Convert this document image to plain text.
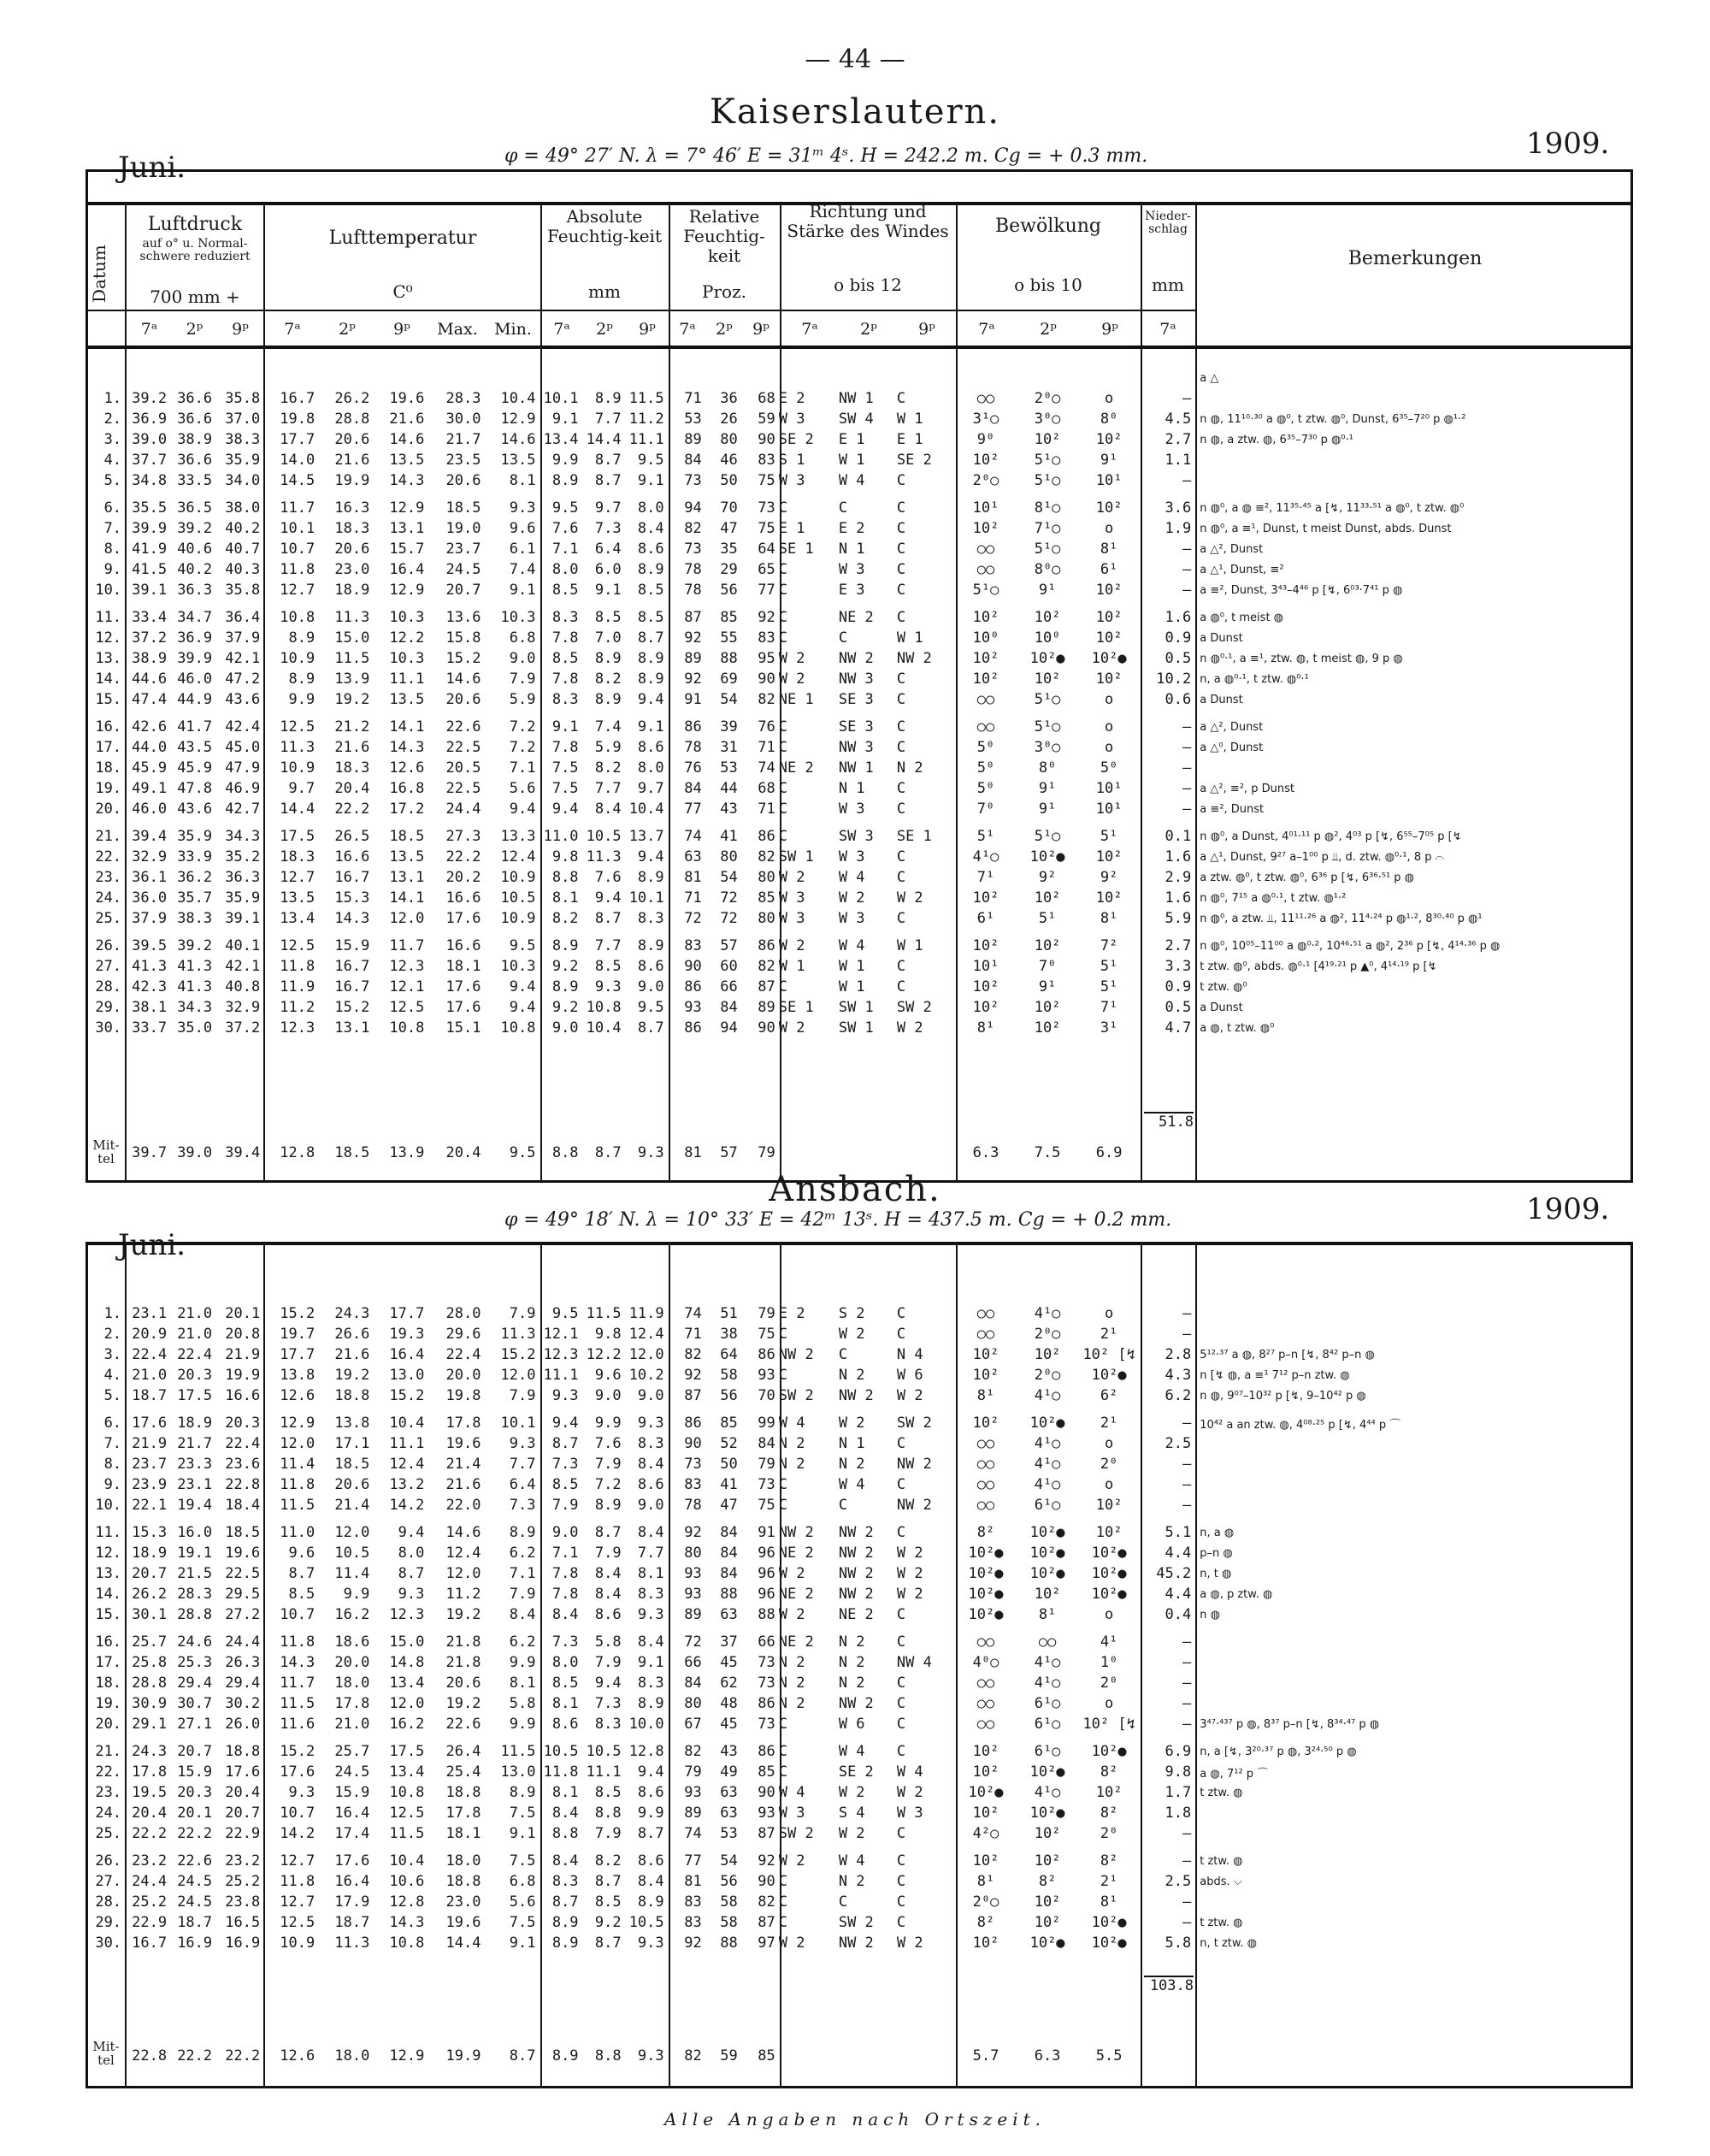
— 44 —
Kaiserslautern.
Juni.	φ = 49° 27′ N. λ = 7° 46′ E = 31ᵐ 4ˢ. H = 242.2 m. Cg = + 0.3 mm.	1909.
Datum
Luftdruck
auf o° u. Normal-schwere reduziert
700 mm +
Lufttemperatur
C⁰
Absolute Feuchtig-keit
mm
Relative Feuchtig-keit
Proz.
Richtung und Stärke des Windes
o bis 12
Bewölkung
o bis 10
Nieder-schlag
mm
Bemerkungen
7ᵃ	2ᵖ	9ᵖ	7ᵃ	2ᵖ	9ᵖ	Max.	Min.	7ᵃ	2ᵖ	9ᵖ	7ᵃ	2ᵖ	9ᵖ	7ᵃ	2ᵖ	9ᵖ	7ᵃ	2ᵖ	9ᵖ	7ᵃ
																						a △
1.	39.2	36.6	35.8	16.7	26.2	19.6	28.3	10.4	10.1	8.9	11.5	71	36	68	E 2	NW 1	C	○○	2⁰○	o	–	
2.	36.9	36.6	37.0	19.8	28.8	21.6	30.0	12.9	9.1	7.7	11.2	53	26	59	W 3	SW 4	W 1	3¹○	3⁰○	8⁰	4.5	n ◍, 11¹⁰·³⁰ a ◍⁰, t ztw. ◍⁰, Dunst, 6³⁵–7²⁰ p ◍¹·²
3.	39.0	38.9	38.3	17.7	20.6	14.6	21.7	14.6	13.4	14.4	11.1	89	80	90	SE 2	E 1	E 1	9⁰	10²	10²	2.7	n ◍, a ztw. ◍, 6³⁵–7³⁰ p ◍⁰·¹
4.	37.7	36.6	35.9	14.0	21.6	13.5	23.5	13.5	9.9	8.7	9.5	84	46	83	S 1	W 1	SE 2	10²	5¹○	9¹	1.1	
5.	34.8	33.5	34.0	14.5	19.9	14.3	20.6	8.1	8.9	8.7	9.1	73	50	75	W 3	W 4	C	2⁰○	5¹○	10¹	–	

6.	35.5	36.5	38.0	11.7	16.3	12.9	18.5	9.3	9.5	9.7	8.0	94	70	73	C	C	C	10¹	8¹○	10²	3.6	n ◍⁰, a ◍ ≡², 11³⁵·⁴⁵ a [↯, 11³³·⁵¹ a ◍⁰, t ztw. ◍⁰
7.	39.9	39.2	40.2	10.1	18.3	13.1	19.0	9.6	7.6	7.3	8.4	82	47	75	E 1	E 2	C	10²	7¹○	o	1.9	n ◍⁰, a ≡¹, Dunst, t meist Dunst, abds. Dunst
8.	41.9	40.6	40.7	10.7	20.6	15.7	23.7	6.1	7.1	6.4	8.6	73	35	64	SE 1	N 1	C	○○	5¹○	8¹	–	a △², Dunst
9.	41.5	40.2	40.3	11.8	23.0	16.4	24.5	7.4	8.0	6.0	8.9	78	29	65	C	W 3	C	○○	8⁰○	6¹	–	a △¹, Dunst, ≡²
10.	39.1	36.3	35.8	12.7	18.9	12.9	20.7	9.1	8.5	9.1	8.5	78	56	77	C	E 3	C	5¹○	9¹	10²	–	a ≡², Dunst, 3⁴³–4⁴⁶ p [↯, 6⁰³·7⁴¹ p ◍

11.	33.4	34.7	36.4	10.8	11.3	10.3	13.6	10.3	8.3	8.5	8.5	87	85	92	C	NE 2	C	10²	10²	10²	1.6	a ◍⁰, t meist ◍
12.	37.2	36.9	37.9	8.9	15.0	12.2	15.8	6.8	7.8	7.0	8.7	92	55	83	C	C	W 1	10⁰	10⁰	10²	0.9	a Dunst
13.	38.9	39.9	42.1	10.9	11.5	10.3	15.2	9.0	8.5	8.9	8.9	89	88	95	W 2	NW 2	NW 2	10²	10²●	10²●	0.5	n ◍⁰·¹, a ≡¹, ztw. ◍, t meist ◍, 9 p ◍
14.	44.6	46.0	47.2	8.9	13.9	11.1	14.6	7.9	7.8	8.2	8.9	92	69	90	W 2	NW 3	C	10²	10²	10²	10.2	n, a ◍⁰·¹, t ztw. ◍⁰·¹
15.	47.4	44.9	43.6	9.9	19.2	13.5	20.6	5.9	8.3	8.9	9.4	91	54	82	NE 1	SE 3	C	○○	5¹○	o	0.6	a Dunst

16.	42.6	41.7	42.4	12.5	21.2	14.1	22.6	7.2	9.1	7.4	9.1	86	39	76	C	SE 3	C	○○	5¹○	o	–	a △², Dunst
17.	44.0	43.5	45.0	11.3	21.6	14.3	22.5	7.2	7.8	5.9	8.6	78	31	71	C	NW 3	C	5⁰	3⁰○	o	–	a △⁰, Dunst
18.	45.9	45.9	47.9	10.9	18.3	12.6	20.5	7.1	7.5	8.2	8.0	76	53	74	NE 2	NW 1	N 2	5⁰	8⁰	5⁰	–	
19.	49.1	47.8	46.9	9.7	20.4	16.8	22.5	5.6	7.5	7.7	9.7	84	44	68	C	N 1	C	5⁰	9¹	10¹	–	a △², ≡², p Dunst
20.	46.0	43.6	42.7	14.4	22.2	17.2	24.4	9.4	9.4	8.4	10.4	77	43	71	C	W 3	C	7⁰	9¹	10¹	–	a ≡², Dunst

21.	39.4	35.9	34.3	17.5	26.5	18.5	27.3	13.3	11.0	10.5	13.7	74	41	86	C	SW 3	SE 1	5¹	5¹○	5¹	0.1	n ◍⁰, a Dunst, 4⁰¹·¹¹ p ◍², 4⁰³ p [↯, 6⁵⁵–7⁰⁵ p [↯
22.	32.9	33.9	35.2	18.3	16.6	13.5	22.2	12.4	9.8	11.3	9.4	63	80	82	SW 1	W 3	C	4¹○	10²●	10²	1.6	a △¹, Dunst, 9²⁷ a–1⁰⁰ p ⫫, d. ztw. ◍⁰·¹, 8 p ⌒
23.	36.1	36.2	36.3	12.7	16.7	13.1	20.2	10.9	8.8	7.6	8.9	81	54	80	W 2	W 4	C	7¹	9²	9²	2.9	a ztw. ◍⁰, t ztw. ◍⁰, 6³⁶ p [↯, 6³⁶·⁵¹ p ◍
24.	36.0	35.7	35.9	13.5	15.3	14.1	16.6	10.5	8.1	9.4	10.1	71	72	85	W 3	W 2	W 2	10²	10²	10²	1.6	n ◍⁰, 7¹⁵ a ◍⁰·¹, t ztw. ◍¹·²
25.	37.9	38.3	39.1	13.4	14.3	12.0	17.6	10.9	8.2	8.7	8.3	72	72	80	W 3	W 3	C	6¹	5¹	8¹	5.9	n ◍⁰, a ztw. ⫫, 11¹¹·²⁶ a ◍², 11⁴·²⁴ p ◍¹·², 8³⁰·⁴⁰ p ◍¹

26.	39.5	39.2	40.1	12.5	15.9	11.7	16.6	9.5	8.9	7.7	8.9	83	57	86	W 2	W 4	W 1	10²	10²	7²	2.7	n ◍⁰, 10⁰⁵–11⁰⁰ a ◍⁰·², 10⁴⁶·⁵¹ a ◍², 2³⁶ p [↯, 4¹⁴·³⁶ p ◍
27.	41.3	41.3	42.1	11.8	16.7	12.3	18.1	10.3	9.2	8.5	8.6	90	60	82	W 1	W 1	C	10¹	7⁰	5¹	3.3	t ztw. ◍⁰, abds. ◍⁰·¹ [4¹⁹·²¹ p ▲⁰, 4¹⁴·¹⁹ p [↯
28.	42.3	41.3	40.8	11.9	16.7	12.1	17.6	9.4	8.9	9.3	9.0	86	66	87	C	W 1	C	10²	9¹	5¹	0.9	t ztw. ◍⁰
29.	38.1	34.3	32.9	11.2	15.2	12.5	17.6	9.4	9.2	10.8	9.5	93	84	89	SE 1	SW 1	SW 2	10²	10²	7¹	0.5	a Dunst
30.	33.7	35.0	37.2	12.3	13.1	10.8	15.1	10.8	9.0	10.4	8.7	86	94	90	W 2	SW 1	W 2	8¹	10²	3¹	4.7	a ◍, t ztw. ◍⁰
51.8
Mit-tel
		39.7	39.0	39.4	12.8	18.5	13.9	20.4	9.5	8.8	8.7	9.3	81	57	79				6.3	7.5	6.9		
Ansbach.
Juni.
φ = 49° 18′ N. λ = 10° 33′ E = 42ᵐ 13ˢ. H = 437.5 m. Cg = + 0.2 mm.	1909.

1.	23.1	21.0	20.1	15.2	24.3	17.7	28.0	7.9	9.5	11.5	11.9	74	51	79	E 2	S 2	C	○○	4¹○	o	–	
2.	20.9	21.0	20.8	19.7	26.6	19.3	29.6	11.3	12.1	9.8	12.4	71	38	75	C	W 2	C	○○	2⁰○	2¹	–	
3.	22.4	22.4	21.9	17.7	21.6	16.4	22.4	15.2	12.3	12.2	12.0	82	64	86	NW 2	C	N 4	10²	10²	10² [↯	2.8	5¹²·³⁷ a ◍, 8²⁷ p–n [↯, 8⁴² p–n ◍
4.	21.0	20.3	19.9	13.8	19.2	13.0	20.0	12.0	11.1	9.6	10.2	92	58	93	C	N 2	W 6	10²	2⁰○	10²●	4.3	n [↯ ◍, a ≡¹ 7¹² p–n ztw. ◍
5.	18.7	17.5	16.6	12.6	18.8	15.2	19.8	7.9	9.3	9.0	9.0	87	56	70	SW 2	NW 2	W 2	8¹	4¹○	6²	6.2	n ◍, 9⁰⁷–10³² p [↯, 9–10⁴² p ◍

6.	17.6	18.9	20.3	12.9	13.8	10.4	17.8	10.1	9.4	9.9	9.3	86	85	99	W 4	W 2	SW 2	10²	10²●	2¹	–	10⁴² a an ztw. ◍, 4⁰⁸·²⁵ p [↯, 4⁴⁴ p ⌒
7.	21.9	21.7	22.4	12.0	17.1	11.1	19.6	9.3	8.7	7.6	8.3	90	52	84	N 2	N 1	C	○○	4¹○	o	2.5	
8.	23.7	23.3	23.6	11.4	18.5	12.4	21.4	7.7	7.3	7.9	8.4	73	50	79	N 2	N 2	NW 2	○○	4¹○	2⁰	–	
9.	23.9	23.1	22.8	11.8	20.6	13.2	21.6	6.4	8.5	7.2	8.6	83	41	73	C	W 4	C	○○	4¹○	o	–	
10.	22.1	19.4	18.4	11.5	21.4	14.2	22.0	7.3	7.9	8.9	9.0	78	47	75	C	C	NW 2	○○	6¹○	10²	–	

11.	15.3	16.0	18.5	11.0	12.0	9.4	14.6	8.9	9.0	8.7	8.4	92	84	91	NW 2	NW 2	C	8²	10²●	10²	5.1	n, a ◍
12.	18.9	19.1	19.6	9.6	10.5	8.0	12.4	6.2	7.1	7.9	7.7	80	84	96	NE 2	NW 2	W 2	10²●	10²●	10²●	4.4	p–n ◍
13.	20.7	21.5	22.5	8.7	11.4	8.7	12.0	7.1	7.8	8.4	8.1	93	84	96	W 2	NW 2	W 2	10²●	10²●	10²●	45.2	n, t ◍
14.	26.2	28.3	29.5	8.5	9.9	9.3	11.2	7.9	7.8	8.4	8.3	93	88	96	NE 2	NW 2	W 2	10²●	10²	10²●	4.4	a ◍, p ztw. ◍
15.	30.1	28.8	27.2	10.7	16.2	12.3	19.2	8.4	8.4	8.6	9.3	89	63	88	W 2	NE 2	C	10²●	8¹	o	0.4	n ◍

16.	25.7	24.6	24.4	11.8	18.6	15.0	21.8	6.2	7.3	5.8	8.4	72	37	66	NE 2	N 2	C	○○	○○	4¹	–	
17.	25.8	25.3	26.3	14.3	20.0	14.8	21.8	9.9	8.0	7.9	9.1	66	45	73	N 2	N 2	NW 4	4⁰○	4¹○	1⁰	–	
18.	28.8	29.4	29.4	11.7	18.0	13.4	20.6	8.1	8.5	9.4	8.3	84	62	73	N 2	N 2	C	○○	4¹○	2⁰	–	
19.	30.9	30.7	30.2	11.5	17.8	12.0	19.2	5.8	8.1	7.3	8.9	80	48	86	N 2	NW 2	C	○○	6¹○	o	–	
20.	29.1	27.1	26.0	11.6	21.0	16.2	22.6	9.9	8.6	8.3	10.0	67	45	73	C	W 6	C	○○	6¹○	10² [↯	–	3⁴⁷·⁴³⁷ p ◍, 8³⁷ p–n [↯, 8³⁴·⁴⁷ p ◍

21.	24.3	20.7	18.8	15.2	25.7	17.5	26.4	11.5	10.5	10.5	12.8	82	43	86	C	W 4	C	10²	6¹○	10²●	6.9	n, a [↯, 3²⁰·³⁷ p ◍, 3²⁴·⁵⁰ p ◍
22.	17.8	15.9	17.6	17.6	24.5	13.4	25.4	13.0	11.8	11.1	9.4	79	49	85	C	SE 2	W 4	10²	10²●	8²	9.8	a ◍, 7¹² p ⌒
23.	19.5	20.3	20.4	9.3	15.9	10.8	18.8	8.9	8.1	8.5	8.6	93	63	90	W 4	W 2	W 2	10²●	4¹○	10²	1.7	t ztw. ◍
24.	20.4	20.1	20.7	10.7	16.4	12.5	17.8	7.5	8.4	8.8	9.9	89	63	93	W 3	S 4	W 3	10²	10²●	8²	1.8	
25.	22.2	22.2	22.9	14.2	17.4	11.5	18.1	9.1	8.8	7.9	8.7	74	53	87	SW 2	W 2	C	4²○	10²	2⁰	–	

26.	23.2	22.6	23.2	12.7	17.6	10.4	18.0	7.5	8.4	8.2	8.6	77	54	92	W 2	W 4	C	10²	10²	8²	–	t ztw. ◍
27.	24.4	24.5	25.2	11.8	16.4	10.6	18.8	6.8	8.3	8.7	8.4	81	56	90	C	N 2	C	8¹	8²	2¹	2.5	abds. ⌵
28.	25.2	24.5	23.8	12.7	17.9	12.8	23.0	5.6	8.7	8.5	8.9	83	58	82	C	C	C	2⁰○	10²	8¹	–	
29.	22.9	18.7	16.5	12.5	18.7	14.3	19.6	7.5	8.9	9.2	10.5	83	58	87	C	SW 2	C	8²	10²	10²●	–	t ztw. ◍
30.	16.7	16.9	16.9	10.9	11.3	10.8	14.4	9.1	8.9	8.7	9.3	92	88	97	W 2	NW 2	W 2	10²	10²●	10²●	5.8	n, t ztw. ◍
103.8
Mit-tel
		22.8	22.2	22.2	12.6	18.0	12.9	19.9	8.7	8.9	8.8	9.3	82	59	85				5.7	6.3	5.5		
Alle Angaben nach Ortszeit.
